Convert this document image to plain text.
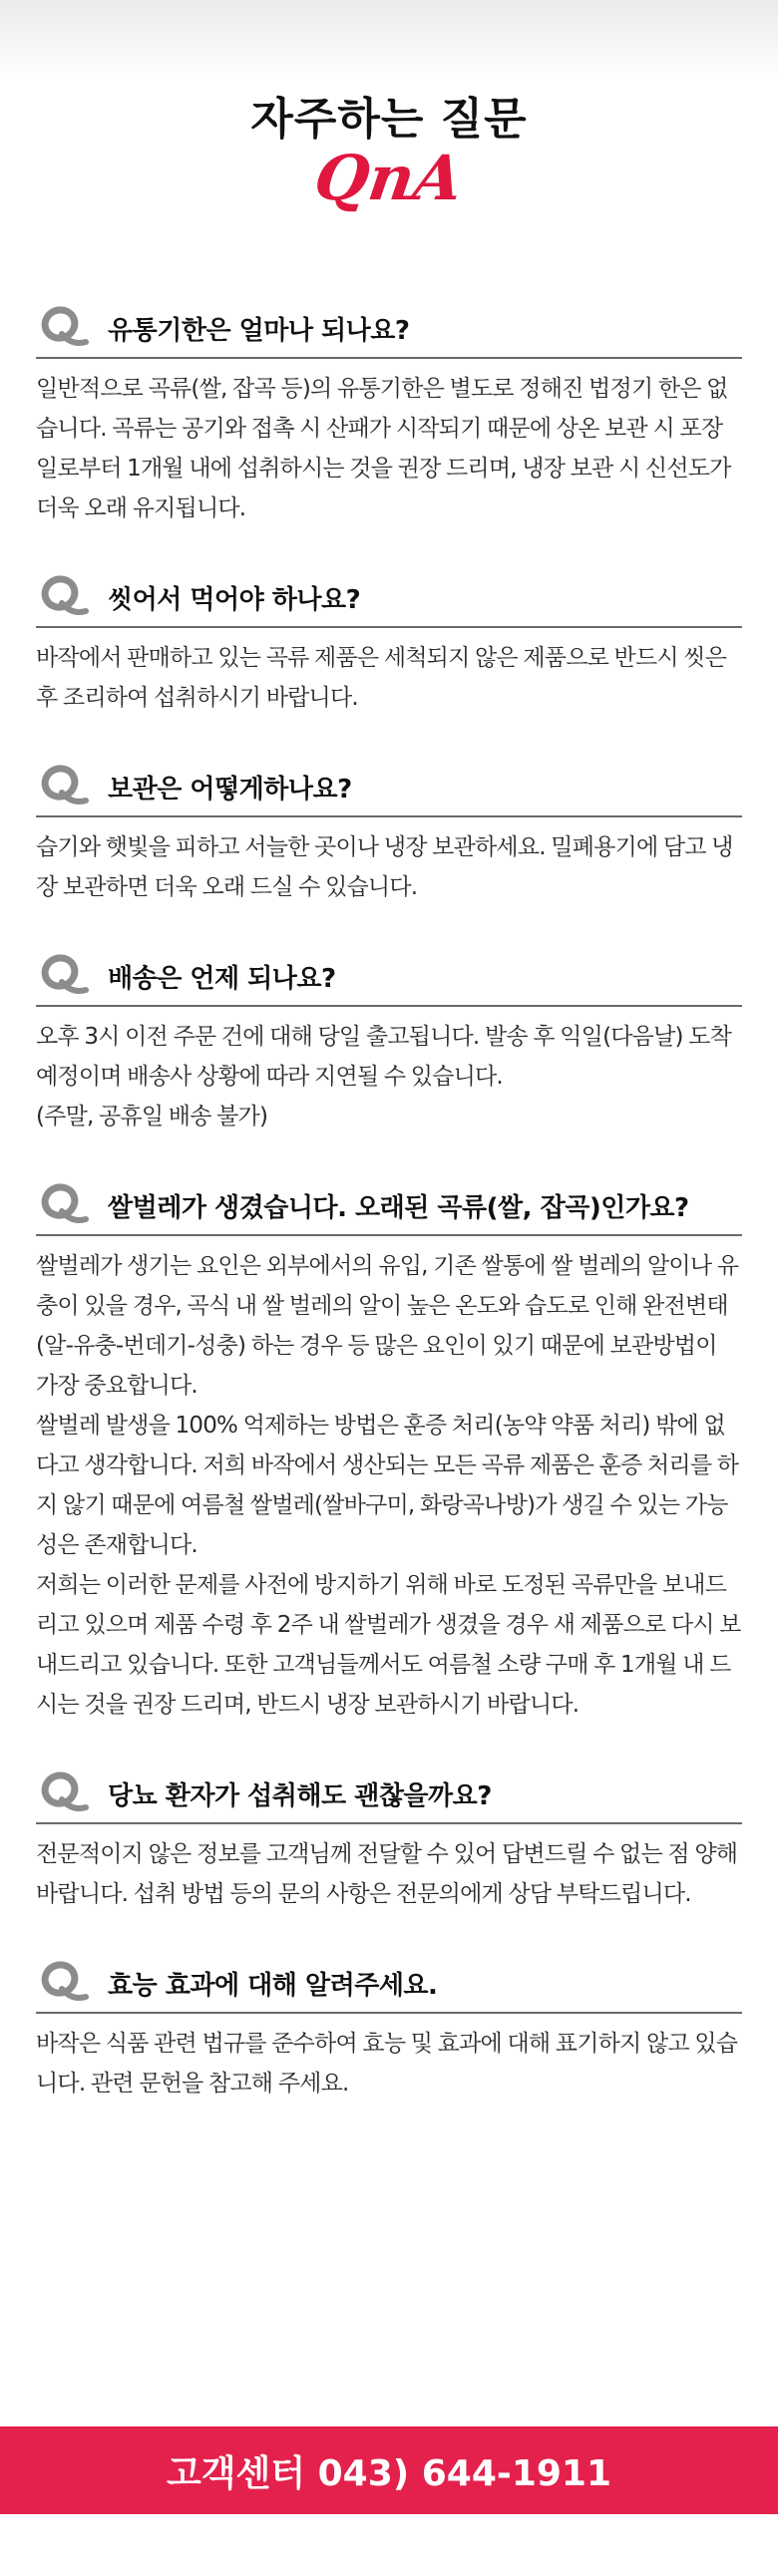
자주하는 질문
QnA
유통기한은 얼마나 되나요?

일반적으로 곡류(쌀, 잡곡 등)의 유통기한은 별도로 정해진 법정기 한은 없습니다. 곡류는 공기와 접촉 시 산패가 시작되기 때문에 상온 보관 시 포장일로부터 1개월 내에 섭취하시는 것을 권장 드리며, 냉장 보관 시 신선도가 더욱 오래 유지됩니다.

씻어서 먹어야 하나요?

바작에서 판매하고 있는 곡류 제품은 세척되지 않은 제품으로 반드시 씻은 후 조리하여 섭취하시기 바랍니다.

보관은 어떻게하나요?

습기와 햇빛을 피하고 서늘한 곳이나 냉장 보관하세요. 밀폐용기에 담고 냉장 보관하면 더욱 오래 드실 수 있습니다.

배송은 언제 되나요?

오후 3시 이전 주문 건에 대해 당일 출고됩니다. 발송 후 익일(다음날) 도착 예정이며 배송사 상황에 따라 지연될 수 있습니다.

(주말, 공휴일 배송 불가)

쌀벌레가 생겼습니다. 오래된 곡류(쌀, 잡곡)인가요?

쌀벌레가 생기는 요인은 외부에서의 유입, 기존 쌀통에 쌀 벌레의 알이나 유충이 있을 경우, 곡식 내 쌀 벌레의 알이 높은 온도와 습도로 인해 완전변태(알-유충-번데기-성충) 하는 경우 등 많은 요인이 있기 때문에 보관방법이 가장 중요합니다.

쌀벌레 발생을 100% 억제하는 방법은 훈증 처리(농약 약품 처리) 밖에 없다고 생각합니다. 저희 바작에서 생산되는 모든 곡류 제품은 훈증 처리를 하지 않기 때문에 여름철 쌀벌레(쌀바구미, 화랑곡나방)가 생길 수 있는 가능성은 존재합니다.

저희는 이러한 문제를 사전에 방지하기 위해 바로 도정된 곡류만을 보내드리고 있으며 제품 수령 후 2주 내 쌀벌레가 생겼을 경우 새 제품으로 다시 보내드리고 있습니다. 또한 고객님들께서도 여름철 소량 구매 후 1개월 내 드시는 것을 권장 드리며, 반드시 냉장 보관하시기 바랍니다.

당뇨 환자가 섭취해도 괜찮을까요?

전문적이지 않은 정보를 고객님께 전달할 수 있어 답변드릴 수 없는 점 양해 바랍니다. 섭취 방법 등의 문의 사항은 전문의에게 상담 부탁드립니다.

효능 효과에 대해 알려주세요.

바작은 식품 관련 법규를 준수하여 효능 및 효과에 대해 표기하지 않고 있습니다. 관련 문헌을 참고해 주세요.

고객센터 043) 644-1911
